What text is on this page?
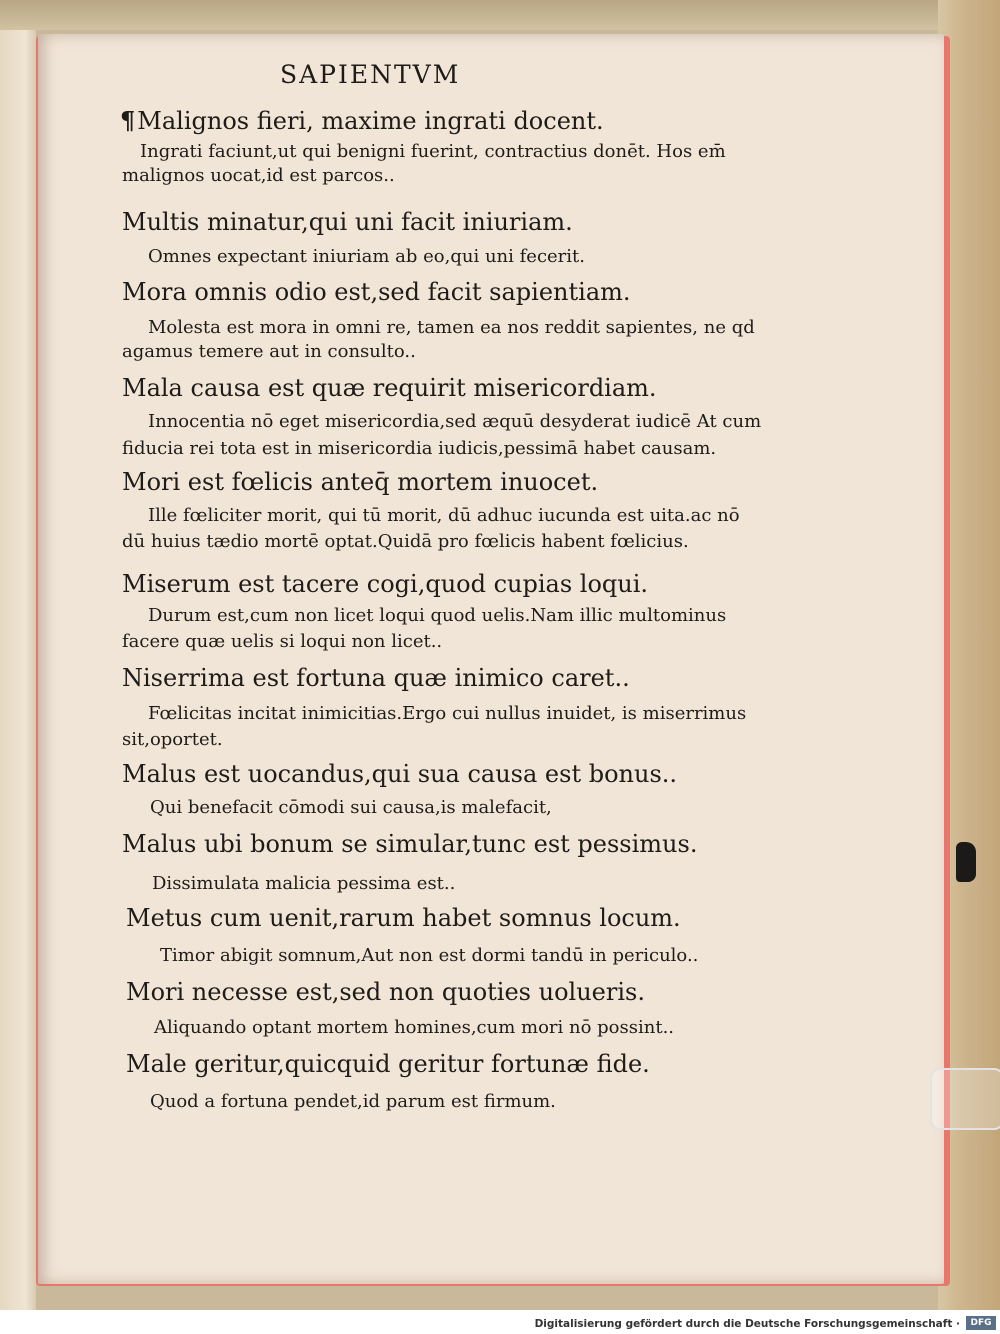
SAPIENTVM
¶Malignos fieri, maxime ingrati docent.
Ingrati faciunt,ut qui benigni fuerint, contractius donēt. Hos em̄
malignos uocat,id est parcos..
Multis minatur,qui uni facit iniuriam.
Omnes expectant iniuriam ab eo,qui uni fecerit.
Mora omnis odio est,sed facit sapientiam.
Molesta est mora in omni re, tamen ea nos reddit sapientes, ne qd
agamus temere aut in consulto..
Mala causa est quæ requirit misericordiam.
Innocentia nō eget misericordia,sed æquū desyderat iudicē At cum
fiducia rei tota est in misericordia iudicis,pessimā habet causam.
Mori est fœlicis anteq̄ mortem inuocet.
Ille fœliciter morit, qui tū morit, dū adhuc iucunda est uita.ac nō
dū huius tædio mortē optat.Quidā pro fœlicis habent fœlicius.
Miserum est tacere cogi,quod cupias loqui.
Durum est,cum non licet loqui quod uelis.Nam illic multominus
facere quæ uelis si loqui non licet..
Niserrima est fortuna quæ inimico caret..
Fœlicitas incitat inimicitias.Ergo cui nullus inuidet, is miserrimus
sit,oportet.
Malus est uocandus,qui sua causa est bonus..
Qui benefacit cōmodi sui causa,is malefacit,
Malus ubi bonum se simular,tunc est pessimus.
Dissimulata malicia pessima est..
Metus cum uenit,rarum habet somnus locum.
Timor abigit somnum,Aut non est dormi tandū in periculo..
Mori necesse est,sed non quoties uolueris.
Aliquando optant mortem homines,cum mori nō possint..
Male geritur,quicquid geritur fortunæ fide.
Quod a fortuna pendet,id parum est firmum.
Digitalisierung gefördert durch die Deutsche Forschungsgemeinschaft ·	DFG
